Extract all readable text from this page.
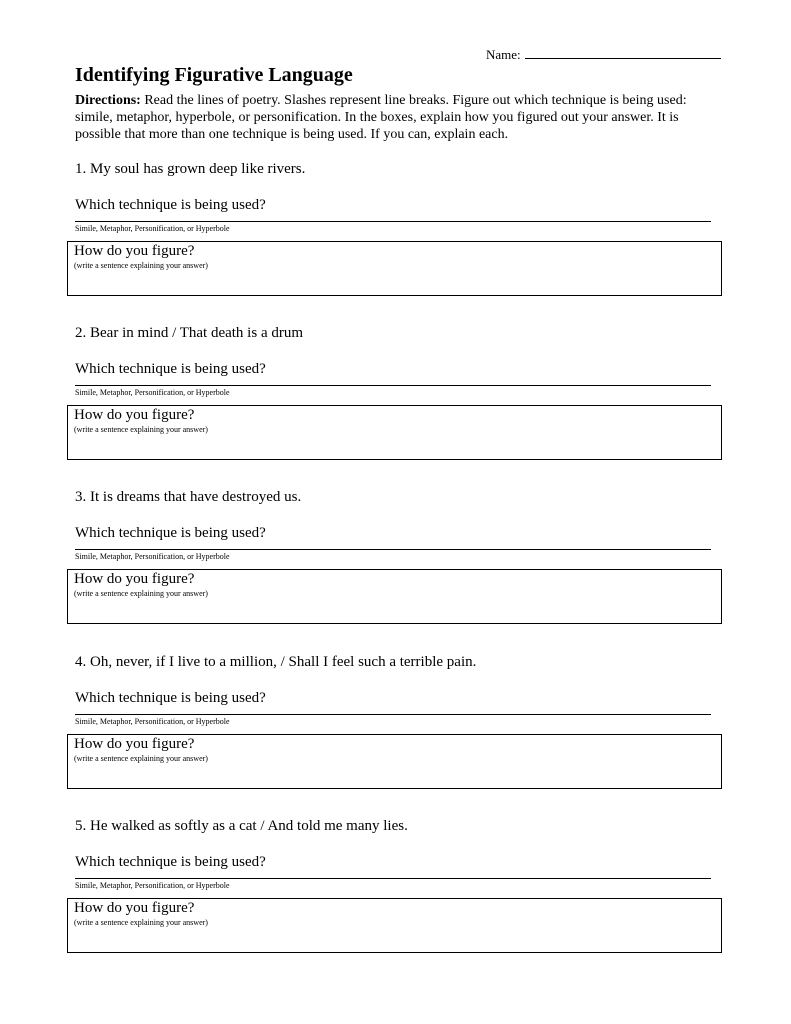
Name:
Identifying Figurative Language
Directions: Read the lines of poetry. Slashes represent line breaks. Figure out which technique is being used: simile, metaphor, hyperbole, or personification. In the boxes, explain how you figured out your answer. It is possible that more than one technique is being used. If you can, explain each.
1. My soul has grown deep like rivers.
Which technique is being used?
Simile, Metaphor, Personification, or Hyperbole
How do you figure?
(write a sentence explaining your answer)
2. Bear in mind / That death is a drum
Which technique is being used?
Simile, Metaphor, Personification, or Hyperbole
How do you figure?
(write a sentence explaining your answer)
3. It is dreams that have destroyed us.
Which technique is being used?
Simile, Metaphor, Personification, or Hyperbole
How do you figure?
(write a sentence explaining your answer)
4. Oh, never, if I live to a million, / Shall I feel such a terrible pain.
Which technique is being used?
Simile, Metaphor, Personification, or Hyperbole
How do you figure?
(write a sentence explaining your answer)
5. He walked as softly as a cat / And told me many lies.
Which technique is being used?
Simile, Metaphor, Personification, or Hyperbole
How do you figure?
(write a sentence explaining your answer)
